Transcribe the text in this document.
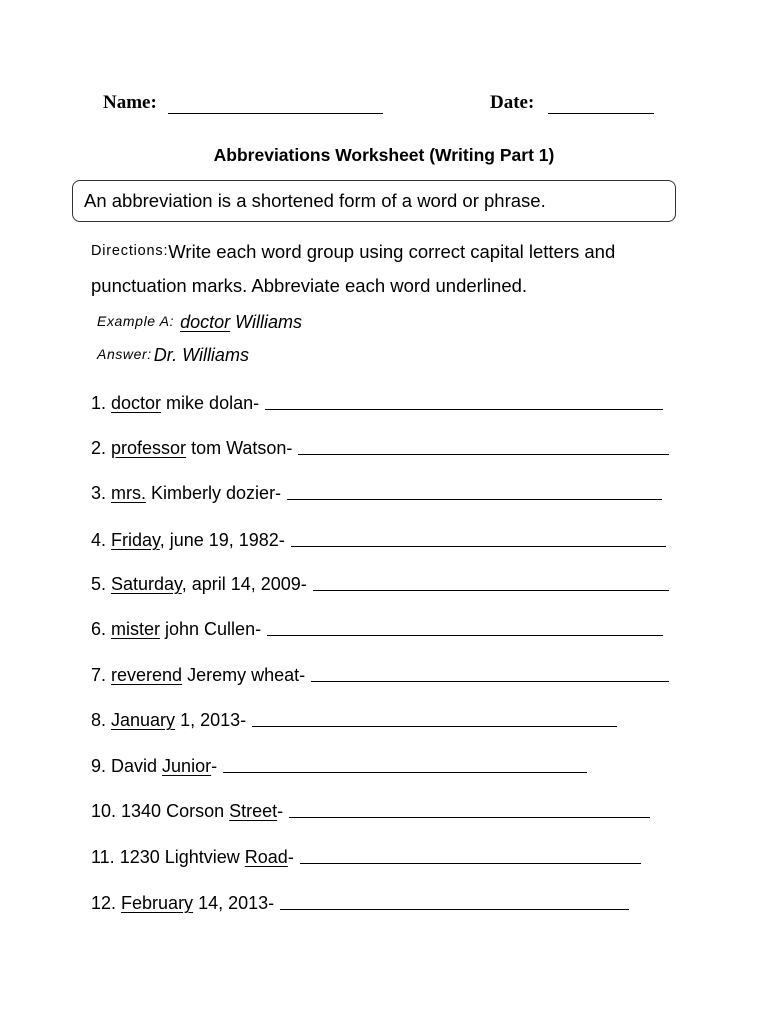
Name:	Date:
Abbreviations Worksheet (Writing Part 1)
An abbreviation is a shortened form of a word or phrase.
Directions:Write each word group using correct capital letters and punctuation marks. Abbreviate each word underlined.
Example A: doctor Williams
Answer: Dr. Williams
1. doctor mike dolan-
2. professor tom Watson-
3. mrs. Kimberly dozier-
4. Friday, june 19, 1982-
5. Saturday, april 14, 2009-
6. mister john Cullen-
7. reverend Jeremy wheat-
8. January 1, 2013-
9. David Junior-
10. 1340 Corson Street-
11. 1230 Lightview Road-
12. February 14, 2013-
